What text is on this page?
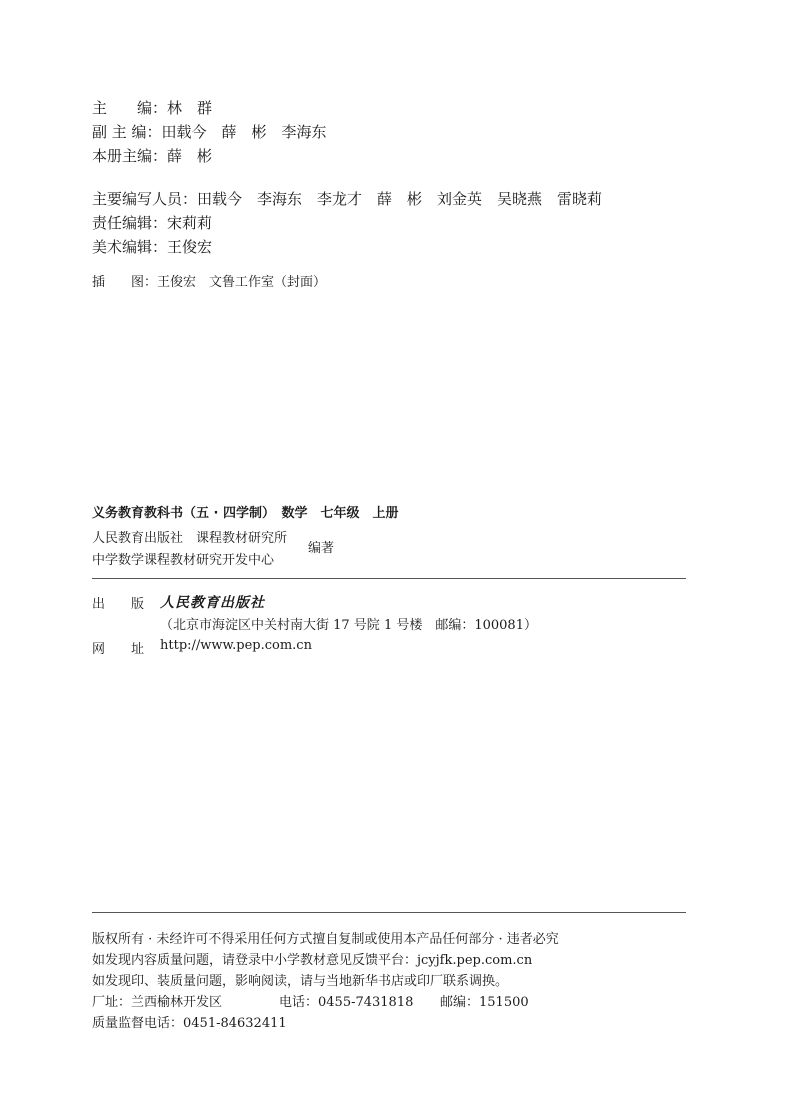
主　　编：林　群
副 主 编：田载今　薛　彬　李海东
本册主编：薛　彬
主要编写人员：田载今　李海东　李龙才　薛　彬　刘金英　吴晓燕　雷晓莉
责任编辑：宋莉莉
美术编辑：王俊宏
插　　图：王俊宏　文鲁工作室（封面）
义务教育教科书（五 · 四学制）　数学　七年级　上册
人民教育出版社　课程教材研究所
中学数学课程教材研究开发中心
编著
出　　版 人民教育出版社
（北京市海淀区中关村南大街 17 号院 1 号楼　邮编：100081）
网　　址 http://www.pep.com.cn
版权所有 · 未经许可不得采用任何方式擅自复制或使用本产品任何部分 · 违者必究
如发现内容质量问题，请登录中小学教材意见反馈平台：jcyjfk.pep.com.cn
如发现印、装质量问题，影响阅读，请与当地新华书店或印厂联系调换。
厂址：兰西榆林开发区	电话：0455-7431818 邮编：151500
质量监督电话：0451-84632411
